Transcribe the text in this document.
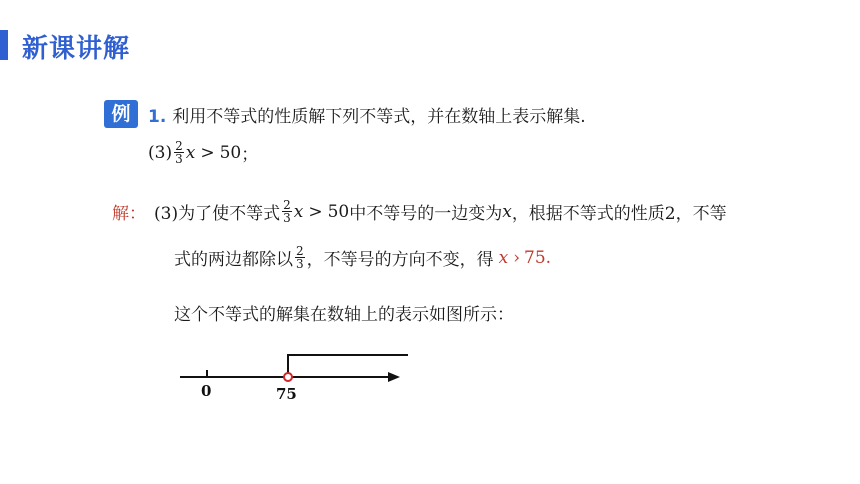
新课讲解
例	1. 利用不等式的性质解下列不等式，并在数轴上表示解集.
$(3) \frac{2}{3}$ x > 50 ；
解： (3)为了使不等式 $\frac{2}{3}$ x > 50 中不等号的一边变为 x ，根据不等式的性质2，不等
式的两边都除以 $\frac{2}{3}$ ，不等号的方向不变，得 x › 75.
这个不等式的解集在数轴上的表示如图所示：
0	75
